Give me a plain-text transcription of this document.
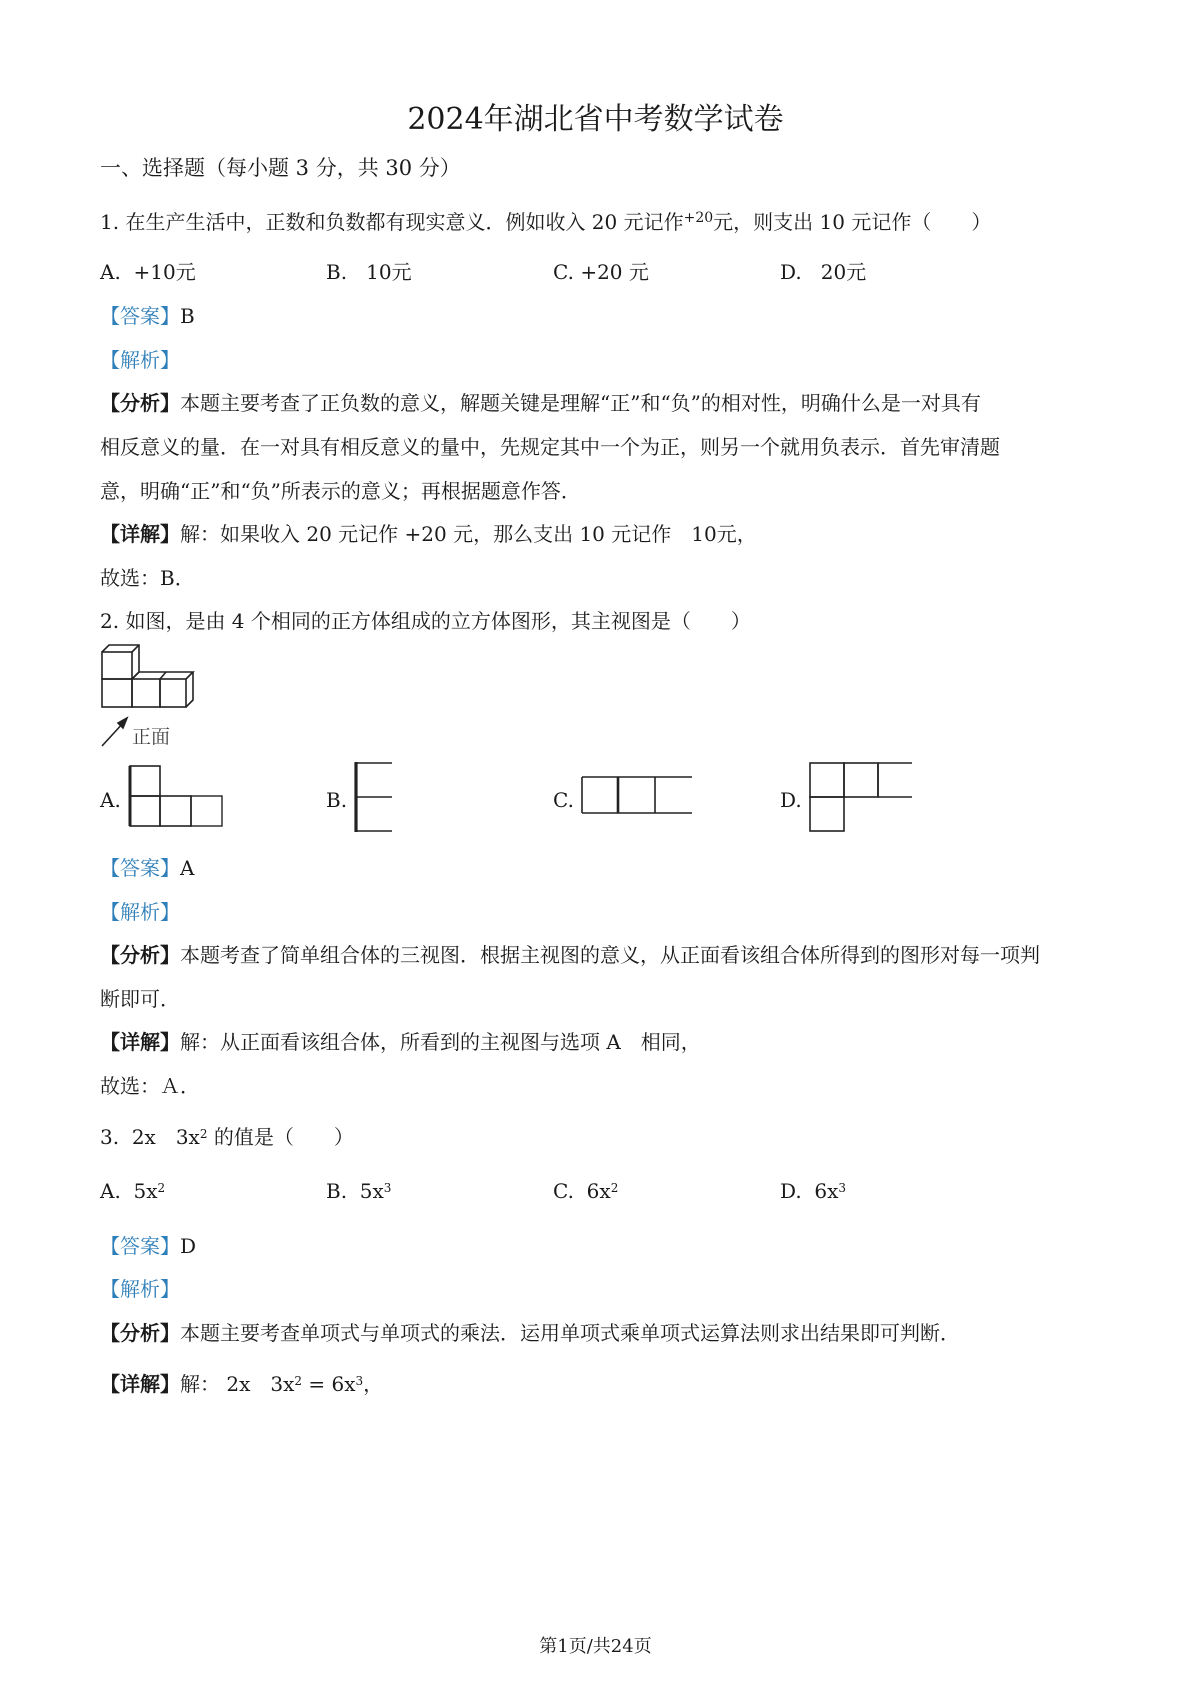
2024年湖北省中考数学试卷
一、选择题（每小题 3 分，共 30 分）
1. 在生产生活中，正数和负数都有现实意义．例如收入 20 元记作$^{+20}$元，则支出 10 元记作（　　）
A. +10元	B. 10元	C. +20 元	D. 20元
【答案】B
【解析】
【分析】本题主要考查了正负数的意义，解题关键是理解“正”和“负”的相对性，明确什么是一对具有
相反意义的量．在一对具有相反意义的量中，先规定其中一个为正，则另一个就用负表示．首先审清题
意，明确“正”和“负”所表示的意义；再根据题意作答．
【详解】解：如果收入 20 元记作 +20 元，那么支出 10 元记作　10元，
故选：B．
2. 如图，是由 4 个相同的正方体组成的立方体图形，其主视图是（　　）
正面
A.	B.	C.	D.
【答案】A
【解析】
【分析】本题考查了简单组合体的三视图．根据主视图的意义，从正面看该组合体所得到的图形对每一项判
断即可．
【详解】解：从正面看该组合体，所看到的主视图与选项 A　相同，
故选：Ａ．
3. 2x　$3x^2$ 的值是（　　）
A. $5x^2$	B. $5x^3$	C. $6x^2$	D. $6x^3$
【答案】D
【解析】
【分析】本题主要考查单项式与单项式的乘法．运用单项式乘单项式运算法则求出结果即可判断．
【详解】解： 2x　$3x^2 = 6x^3$，
第1页/共24页
